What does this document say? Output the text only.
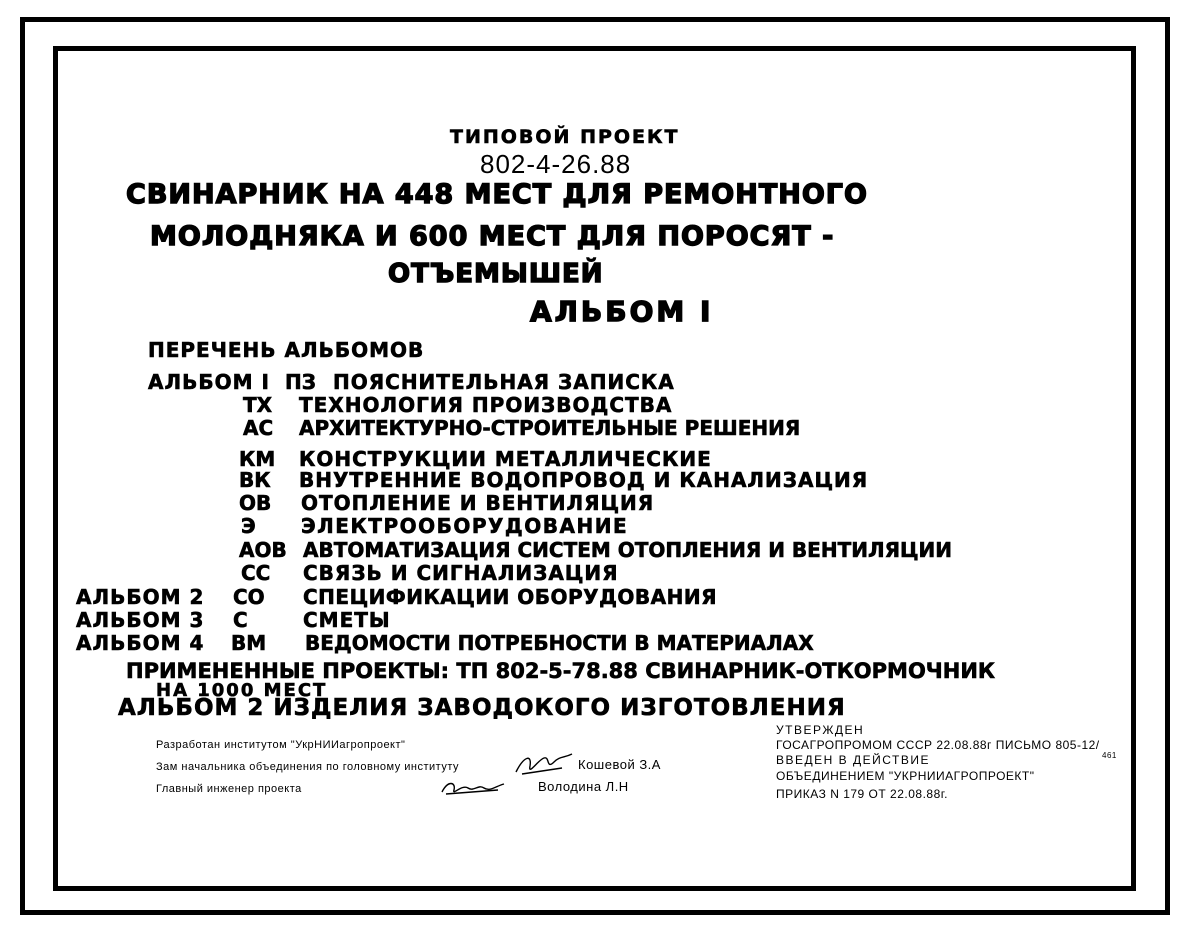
ТИПОВОЙ ПРОЕКТ
802-4-26.88
СВИНАРНИК НА 448 МЕСТ ДЛЯ РЕМОНТНОГО
МОЛОДНЯКА И 600 МЕСТ ДЛЯ ПОРОСЯТ -
ОТЪЕМЫШЕЙ
АЛЬБОМ I
ПЕРЕЧЕНЬ АЛЬБОМОВ
АЛЬБОМ I ПЗ ПОЯСНИТЕЛЬНАЯ ЗАПИСКА
ТХ ТЕХНОЛОГИЯ ПРОИЗВОДСТВА
АС АРХИТЕКТУРНО-СТРОИТЕЛЬНЫЕ РЕШЕНИЯ
КМ КОНСТРУКЦИИ МЕТАЛЛИЧЕСКИЕ
ВК ВНУТРЕННИЕ ВОДОПРОВОД И КАНАЛИЗАЦИЯ
ОВ ОТОПЛЕНИЕ И ВЕНТИЛЯЦИЯ
Э ЭЛЕКТРООБОРУДОВАНИЕ
АОВ АВТОМАТИЗАЦИЯ СИСТЕМ ОТОПЛЕНИЯ И ВЕНТИЛЯЦИИ
СС СВЯЗЬ И СИГНАЛИЗАЦИЯ
АЛЬБОМ 2 СО СПЕЦИФИКАЦИИ ОБОРУДОВАНИЯ
АЛЬБОМ 3 С	СМЕТЫ
АЛЬБОМ 4 ВМ ВЕДОМОСТИ ПОТРЕБНОСТИ В МАТЕРИАЛАХ
ПРИМЕНЕННЫЕ ПРОЕКТЫ: ТП 802-5-78.88 СВИНАРНИК-ОТКОРМОЧНИК
НА 1000 МЕСТ
АЛЬБОМ 2 ИЗДЕЛИЯ ЗАВОДОКОГО ИЗГОТОВЛЕНИЯ
Разработан институтом "УкрНИИагропроект"
Зам начальника объединения по головному институту	Кошевой З.А
Главный инженер проекта	Володина Л.Н
УТВЕРЖДЕН
ГОСАГРОПРОМОМ СССР 22.08.88г ПИСЬМО 805-12/
461
ВВЕДЕН В ДЕЙСТВИЕ
ОБЪЕДИНЕНИЕМ "УКРНИИАГРОПРОЕКТ"
ПРИКАЗ N 179 ОТ 22.08.88г.
